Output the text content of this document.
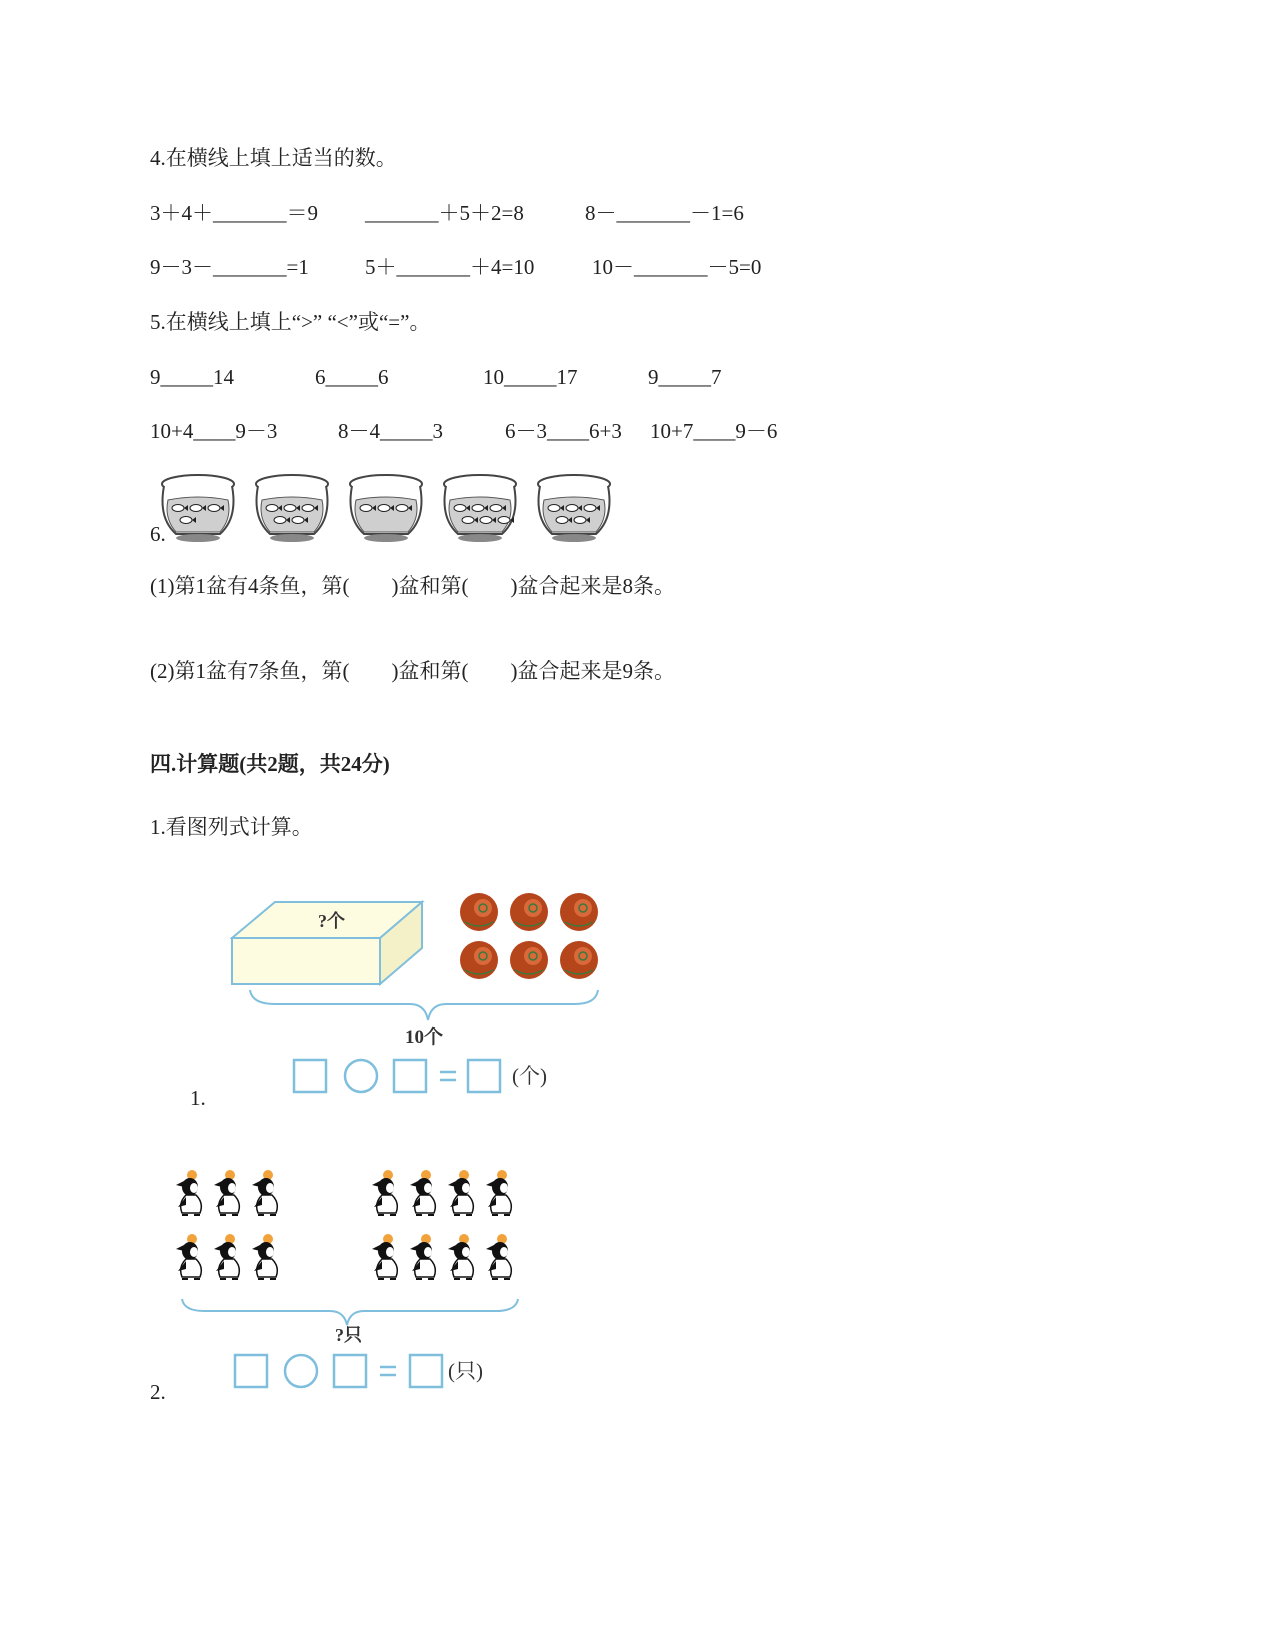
4.在横线上填上适当的数。
3＋4＋_______＝9 _______＋5＋2=8	8－_______－1=6
9－3－_______=1	5＋_______＋4=10	10－_______－5=0
5.在横线上填上“>” “<”或“=”。
9_____14	6_____6	10_____17	9_____7
10+4____9－3	8－4_____3	6－3____6+3 10+7____9－6
6.
(1)第1盆有4条鱼，第(        )盆和第(        )盆合起来是8条。
(2)第1盆有7条鱼，第(        )盆和第(        )盆合起来是9条。
四.计算题(共2题，共24分)
1.看图列式计算。
?个
10个
(个)
1.
?只
(只)
2.
